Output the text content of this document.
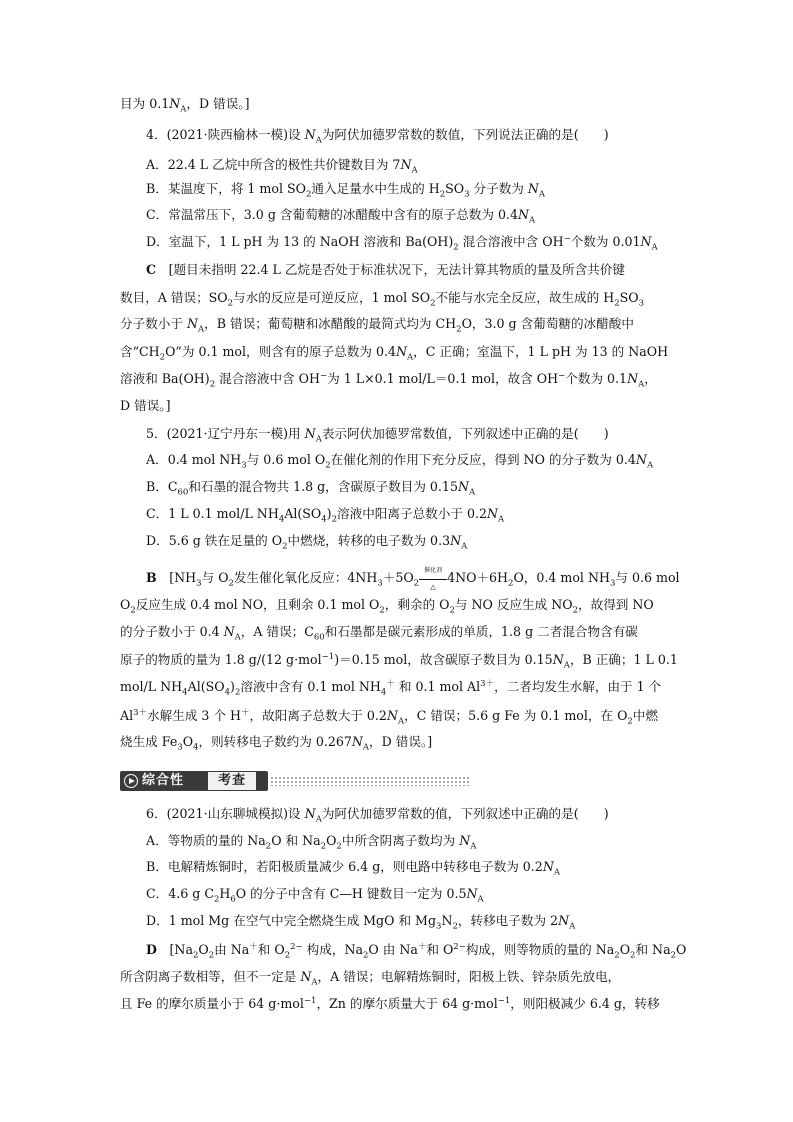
目为 $0.1N_A$，D 错误。]
4．(2021·陕西榆林一模)设 $N_A$为阿伏加德罗常数的数值，下列说法正确的是(　　)
A．22.4 L 乙烷中所含的极性共价键数目为 $7N_A$
B．某温度下，将 1 mol $SO_2$通入足量水中生成的 $H_2SO_3$ 分子数为 $N_A$
C．常温常压下，3.0 g 含葡萄糖的冰醋酸中含有的原子总数为 $0.4N_A$
D．室温下，1 L pH 为 13 的 NaOH 溶液和 $Ba(OH)_2$ 混合溶液中含 OH−个数为 $0.01N_A$
C　[题目未指明 22.4 L 乙烷是否处于标准状况下，无法计算其物质的量及所含共价键
数目，A 错误；$SO_2$与水的反应是可逆反应，1 mol $SO_2$不能与水完全反应，故生成的 $H_2SO_3$
分子数小于 $N_A$，B 错误；葡萄糖和冰醋酸的最简式均为 $CH_2O$，3.0 g 含葡萄糖的冰醋酸中
含“$CH_2O$”为 0.1 mol，则含有的原子总数为 $0.4N_A$，C 正确；室温下，1 L pH 为 13 的 NaOH
溶液和 $Ba(OH)_2$ 混合溶液中含 OH−为 1 L×0.1 mol/L＝0.1 mol，故含 OH−个数为 $0.1N_A$，
D 错误。]
5．(2021·辽宁丹东一模)用 $N_A$表示阿伏加德罗常数值，下列叙述中正确的是(　　)
A．0.4 mol $NH_3$与 0.6 mol $O_2$在催化剂的作用下充分反应，得到 NO 的分子数为 $0.4N_A$
B．$C_{60}$和石墨的混合物共 1.8 g，含碳原子数目为 $0.15N_A$
C．1 L 0.1 mol/L $NH_4Al(SO_4)_2$溶液中阳离子总数小于 $0.2N_A$
D．5.6 g 铁在足量的 $O_2$中燃烧，转移的电子数为 $0.3N_A$
B　[$NH_3$与 $O_2$发生催化氧化反应：$4NH_3+5O_2$
催化剂
△
$4NO+6H_2O$，0.4 mol $NH_3$与 0.6 mol
$O_2$反应生成 0.4 mol NO，且剩余 0.1 mol $O_2$，剩余的 $O_2$与 NO 反应生成 $NO_2$，故得到 NO
的分子数小于 0.4 $N_A$，A 错误；$C_{60}$和石墨都是碳元素形成的单质，1.8 g 二者混合物含有碳
原子的物质的量为 1.8 g/(12 g·mol$^{-1}$)＝0.15 mol，故含碳原子数目为 $0.15N_A$，B 正确；1 L 0.1
mol/L $NH_4Al(SO_4)_2$溶液中含有 0.1 mol $NH_4^+$ 和 0.1 mol $Al^{3+}$，二者均发生水解，由于 1 个
$Al^{3+}$水解生成 3 个 H＋，故阳离子总数大于 $0.2N_A$，C 错误；5.6 g Fe 为 0.1 mol，在 $O_2$中燃
烧生成 $Fe_3O_4$，则转移电子数约为 $0.267N_A$，D 错误。]
综合性	考查
6．(2021·山东聊城模拟)设 $N_A$为阿伏加德罗常数的值，下列叙述中正确的是(　　)
A．等物质的量的 $Na_2O$ 和 $Na_2O_2$中所含阴离子数均为 $N_A$
B．电解精炼铜时，若阳极质量减少 6.4 g，则电路中转移电子数为 $0.2N_A$
C．4.6 g $C_2H_6O$ 的分子中含有 C—H 键数目一定为 $0.5N_A$
D．1 mol Mg 在空气中完全燃烧生成 MgO 和 $Mg_3N_2$，转移电子数为 $2N_A$
D　[$Na_2O_2$由 Na＋和 $O_2^{2-}$ 构成，$Na_2O$ 由 Na＋和 $O^{2-}$构成，则等物质的量的 $Na_2O_2$和 $Na_2O$
所含阴离子数相等，但不一定是 $N_A$，A 错误；电解精炼铜时，阳极上铁、锌杂质先放电，
且 Fe 的摩尔质量小于 64 g·mol$^{-1}$，Zn 的摩尔质量大于 64 g·mol$^{-1}$，则阳极减少 6.4 g，转移
